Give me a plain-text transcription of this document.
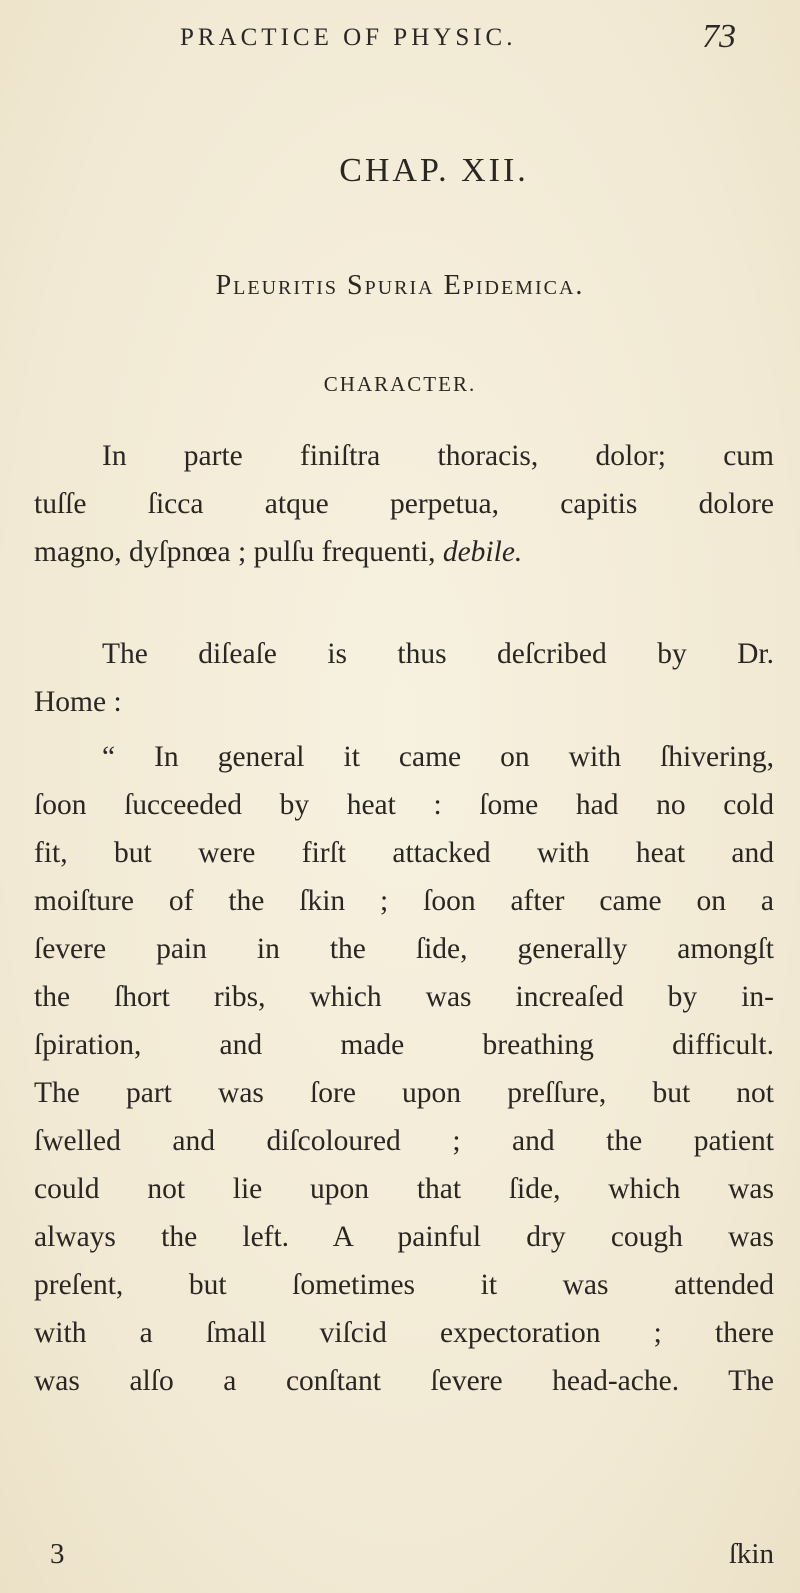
PRACTICE OF PHYSIC.	73
CHAP. XII.
Pleuritis Spuria Epidemica.
CHARACTER.
In parte finiſtra thoracis, dolor; cum
tuſſe ſicca atque perpetua, capitis dolore
magno, dyſpnœa ; pulſu frequenti, debile.
The diſeaſe is thus deſcribed by Dr.
Home :
“ In general it came on with ſhivering,
ſoon ſucceeded by heat : ſome had no cold
fit, but were firſt attacked with heat and
moiſture of the ſkin ; ſoon after came on a
ſevere pain in the ſide, generally amongſt
the ſhort ribs, which was increaſed by in-
ſpiration, and made breathing difficult.
The part was ſore upon preſſure, but not
ſwelled and diſcoloured ; and the patient
could not lie upon that ſide, which was
always the left. A painful dry cough was
preſent, but ſometimes it was attended
with a ſmall viſcid expectoration ; there
was alſo a conſtant ſevere head-ache. The
3	ſkin
